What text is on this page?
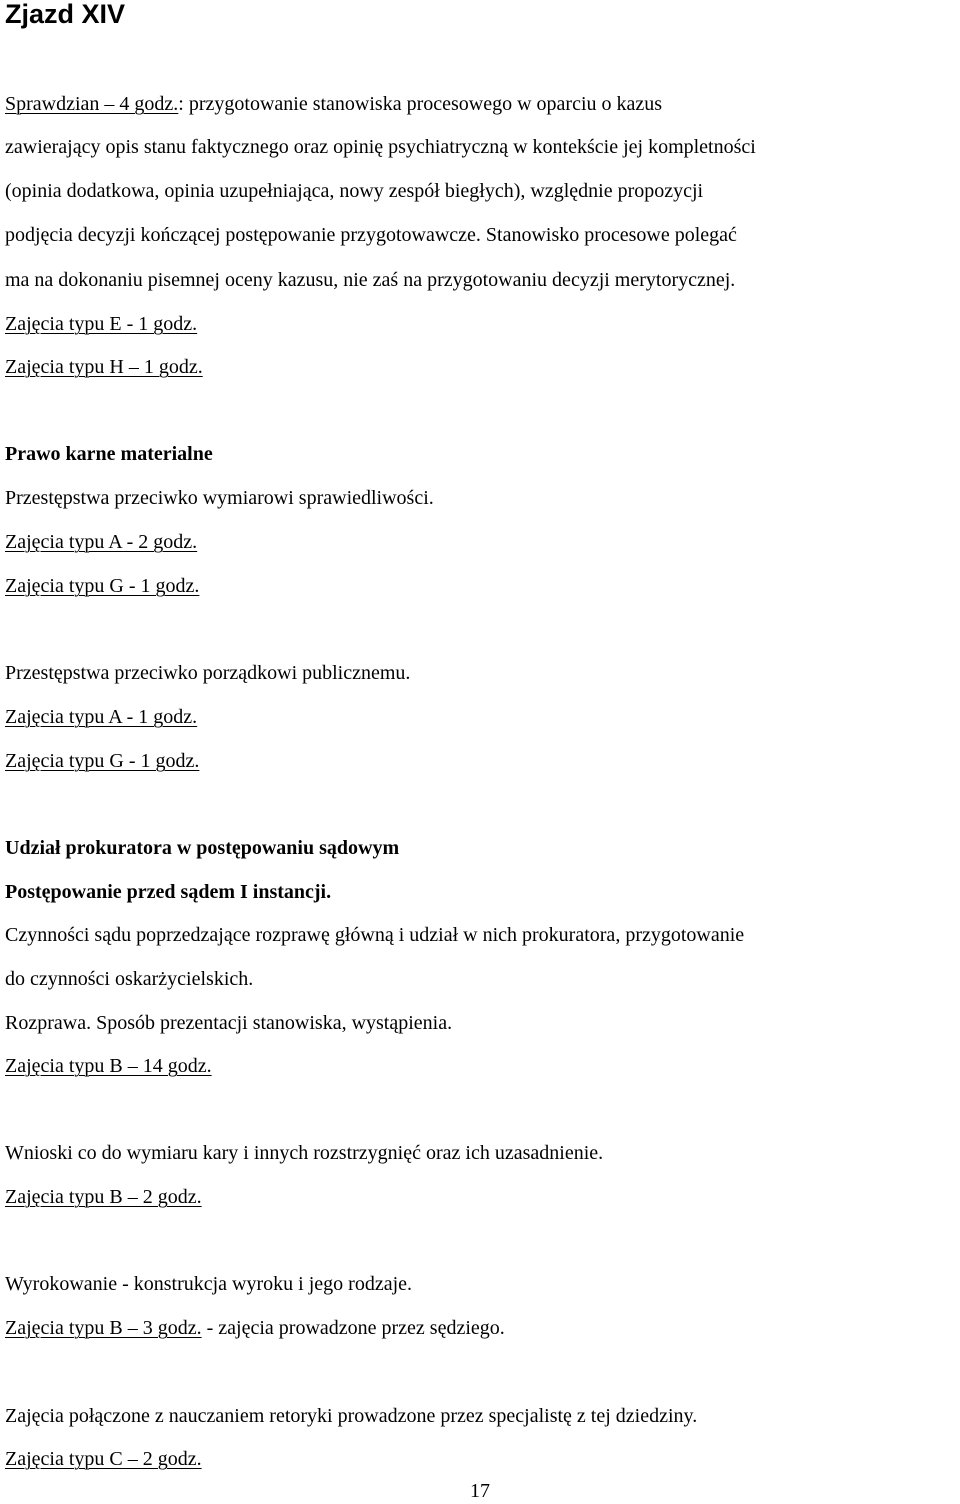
Zjazd XIV
Sprawdzian – 4 godz.: przygotowanie stanowiska procesowego w oparciu o kazus
zawierający opis stanu faktycznego oraz opinię psychiatryczną w kontekście jej kompletności
(opinia dodatkowa, opinia uzupełniająca, nowy zespół biegłych), względnie propozycji
podjęcia decyzji kończącej postępowanie przygotowawcze. Stanowisko procesowe polegać
ma na dokonaniu pisemnej oceny kazusu, nie zaś na przygotowaniu decyzji merytorycznej.
Zajęcia typu E - 1 godz.
Zajęcia typu H – 1 godz.
Prawo karne materialne
Przestępstwa przeciwko wymiarowi sprawiedliwości.
Zajęcia typu A - 2 godz.
Zajęcia typu G - 1 godz.
Przestępstwa przeciwko porządkowi publicznemu.
Zajęcia typu A - 1 godz.
Zajęcia typu G - 1 godz.
Udział prokuratora w postępowaniu sądowym
Postępowanie przed sądem I instancji.
Czynności sądu poprzedzające rozprawę główną i udział w nich prokuratora, przygotowanie
do czynności oskarżycielskich.
Rozprawa. Sposób prezentacji stanowiska, wystąpienia.
Zajęcia typu B – 14 godz.
Wnioski co do wymiaru kary i innych rozstrzygnięć oraz ich uzasadnienie.
Zajęcia typu B – 2 godz.
Wyrokowanie - konstrukcja wyroku i jego rodzaje.
Zajęcia typu B – 3 godz. - zajęcia prowadzone przez sędziego.
Zajęcia połączone z nauczaniem retoryki prowadzone przez specjalistę z tej dziedziny.
Zajęcia typu C – 2 godz.
17
